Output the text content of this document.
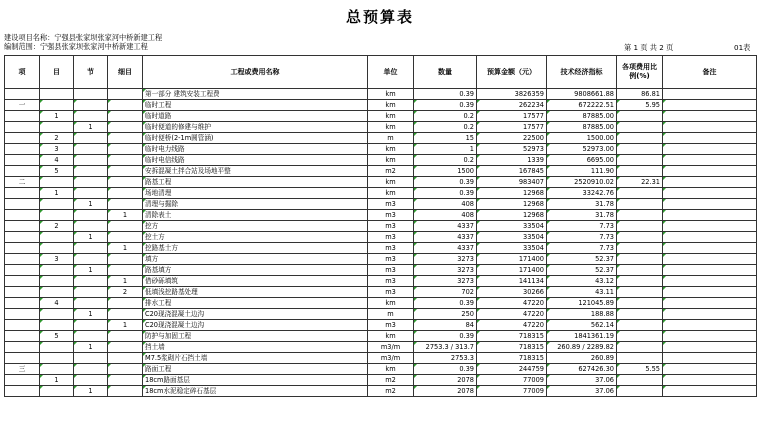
总预算表
建设项目名称：宁强县张家坝张家河中桥新建工程
编制范围：宁强县张家坝张家河中桥新建工程	第 1 页 共 2 页	01表
项	目	节	细目	工程或费用名称	单位	数量	预算金额（元）	技术经济指标	各项费用比例(%)	备注
				第一部分 建筑安装工程费	km	0.39	3826359	9808661.88	86.81	
一				临时工程	km	0.39	262234	672222.51	5.95	
	1			临时道路	km	0.2	17577	87885.00		
		1		临时便道的修建与维护	km	0.2	17577	87885.00		
	2			临时便桥(2-1m圆管涵)	m	15	22500	1500.00		
	3			临时电力线路	km	1	52973	52973.00		
	4			临时电信线路	km	0.2	1339	6695.00		
	5			安拆混凝土拌合站及场地平整	m2	1500	167845	111.90		
二				路基工程	km	0.39	983407	2520910.02	22.31	
	1			场地清理	km	0.39	12968	33242.76		
		1		清理与掘除	m3	408	12968	31.78		
			1	清除表土	m3	408	12968	31.78		
	2			挖方	m3	4337	33504	7.73		
		1		挖土方	m3	4337	33504	7.73		
			1	挖路基土方	m3	4337	33504	7.73		
	3			填方	m3	3273	171400	52.37		
		1		路基填方	m3	3273	171400	52.37		
			1	借砂砾填筑	m3	3273	141134	43.12		
			2	低填浅挖路基处理	m3	702	30266	43.11		
	4			排水工程	km	0.39	47220	121045.89		
		1		C20现浇混凝土边沟	m	250	47220	188.88		
			1	C20现浇混凝土边沟	m3	84	47220	562.14		
	5			防护与加固工程	km	0.39	718315	1841361.19		
		1		挡土墙	m3/m	2753.3 / 313.7	718315	260.89 / 2289.82		
				M7.5浆砌片石挡土墙	m3/m	2753.3	718315	260.89		
三				路面工程	km	0.39	244759	627426.30	5.55	
	1			18cm路面基层	m2	2078	77009	37.06		
		1		18cm水泥稳定碎石基层	m2	2078	77009	37.06		
